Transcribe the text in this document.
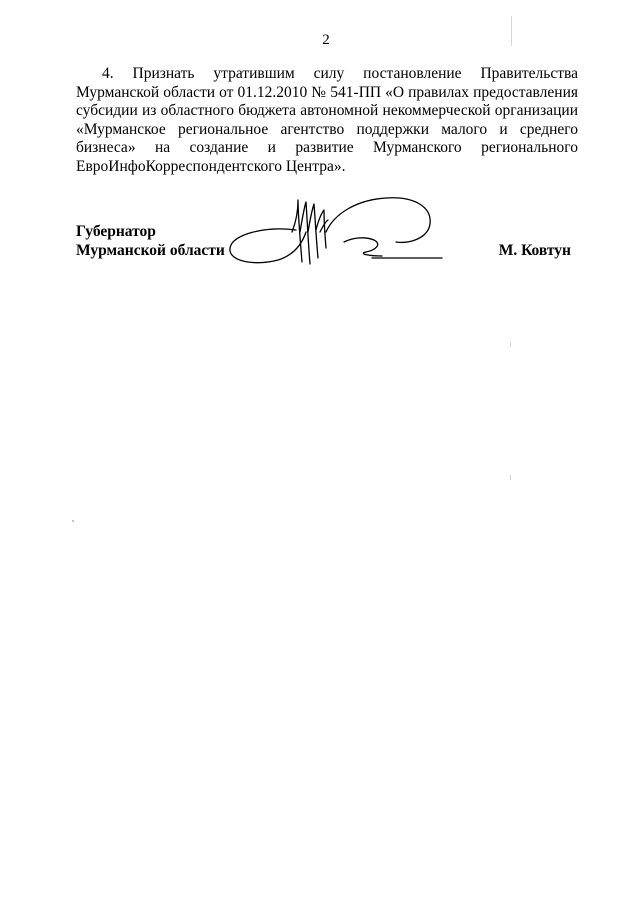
2

4. Признать утратившим силу постановление Правительства Мурманской области от 01.12.2010 № 541-ПП «О правилах предоставления субсидии из областного бюджета автономной некоммерческой организации «Мурманское региональное агентство поддержки малого и среднего бизнеса» на создание и развитие Мурманского регионального ЕвроИнфоКорреспондентского Центра».

Губернатор
Мурманской области	М. Ковтун
